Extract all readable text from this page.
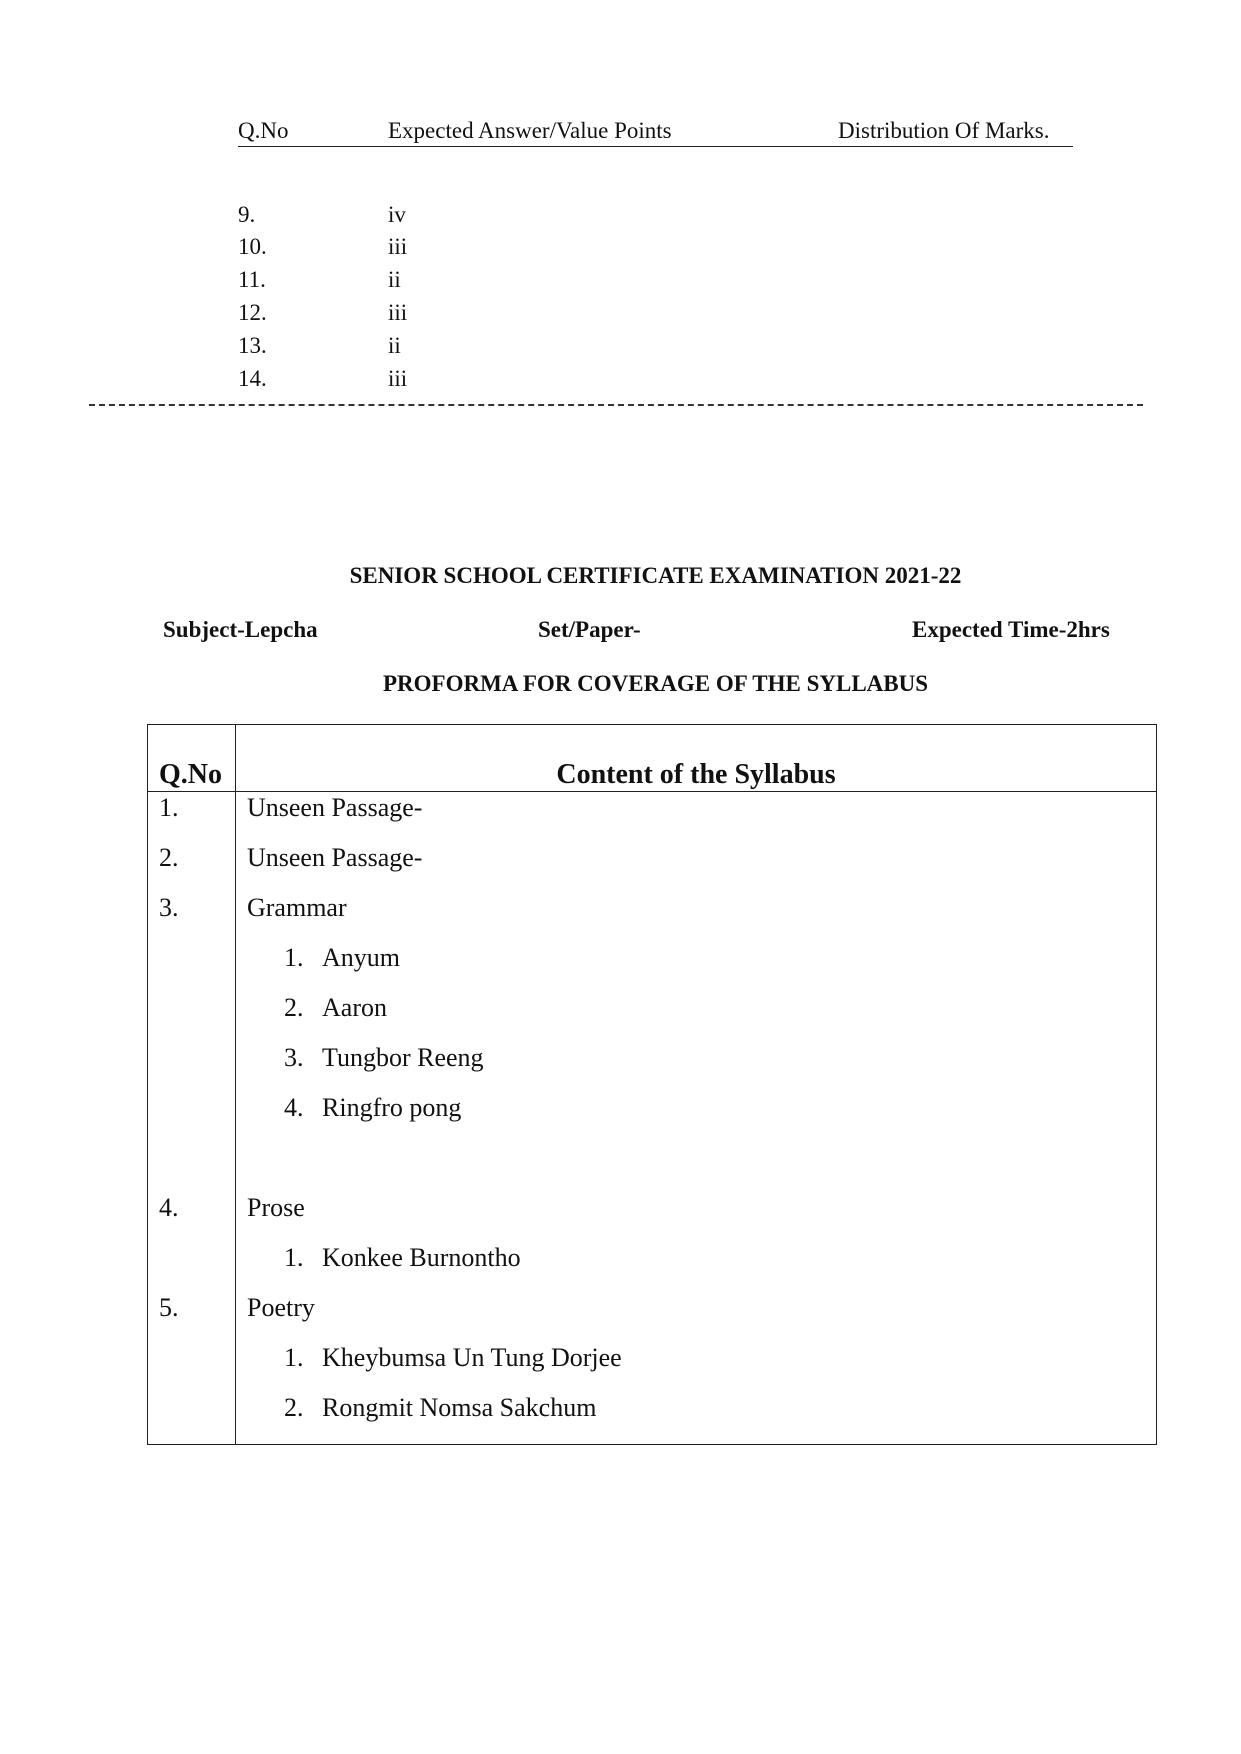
Q.No	Expected Answer/Value Points	Distribution Of Marks.
9.	iv
10.	iii
11.	ii
12.	iii
13.	ii
14.	iii
SENIOR SCHOOL CERTIFICATE EXAMINATION 2021-22
Subject-Lepcha	Set/Paper-	Expected Time-2hrs
PROFORMA FOR COVERAGE OF THE SYLLABUS
Q.No	Content of the Syllabus
1.	Unseen Passage-
2.	Unseen Passage-
3.	Grammar
1. Anyum
2. Aaron
3. Tungbor Reeng
4. Ringfro pong
4.	Prose
1. Konkee Burnontho
5.	Poetry
1. Kheybumsa Un Tung Dorjee
2. Rongmit Nomsa Sakchum
